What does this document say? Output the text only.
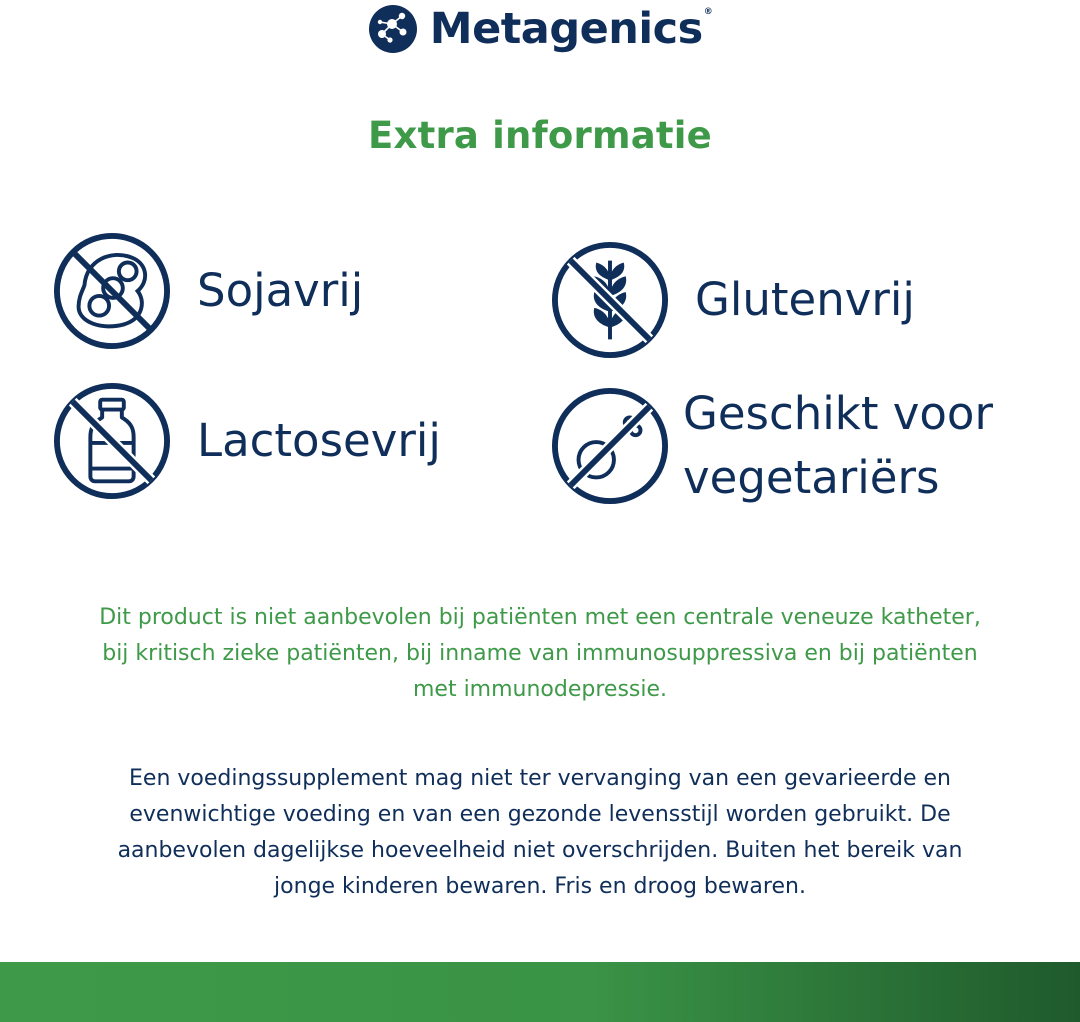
Metagenics®
Extra informatie
Sojavrij	Glutenvrij
Lactosevrij
Geschikt voor
vegetariërs
Dit product is niet aanbevolen bij patiënten met een centrale veneuze katheter,
bij kritisch zieke patiënten, bij inname van immunosuppressiva en bij patiënten
met immunodepressie.
Een voedingssupplement mag niet ter vervanging van een gevarieerde en
evenwichtige voeding en van een gezonde levensstijl worden gebruikt. De
aanbevolen dagelijkse hoeveelheid niet overschrijden. Buiten het bereik van
jonge kinderen bewaren. Fris en droog bewaren.
